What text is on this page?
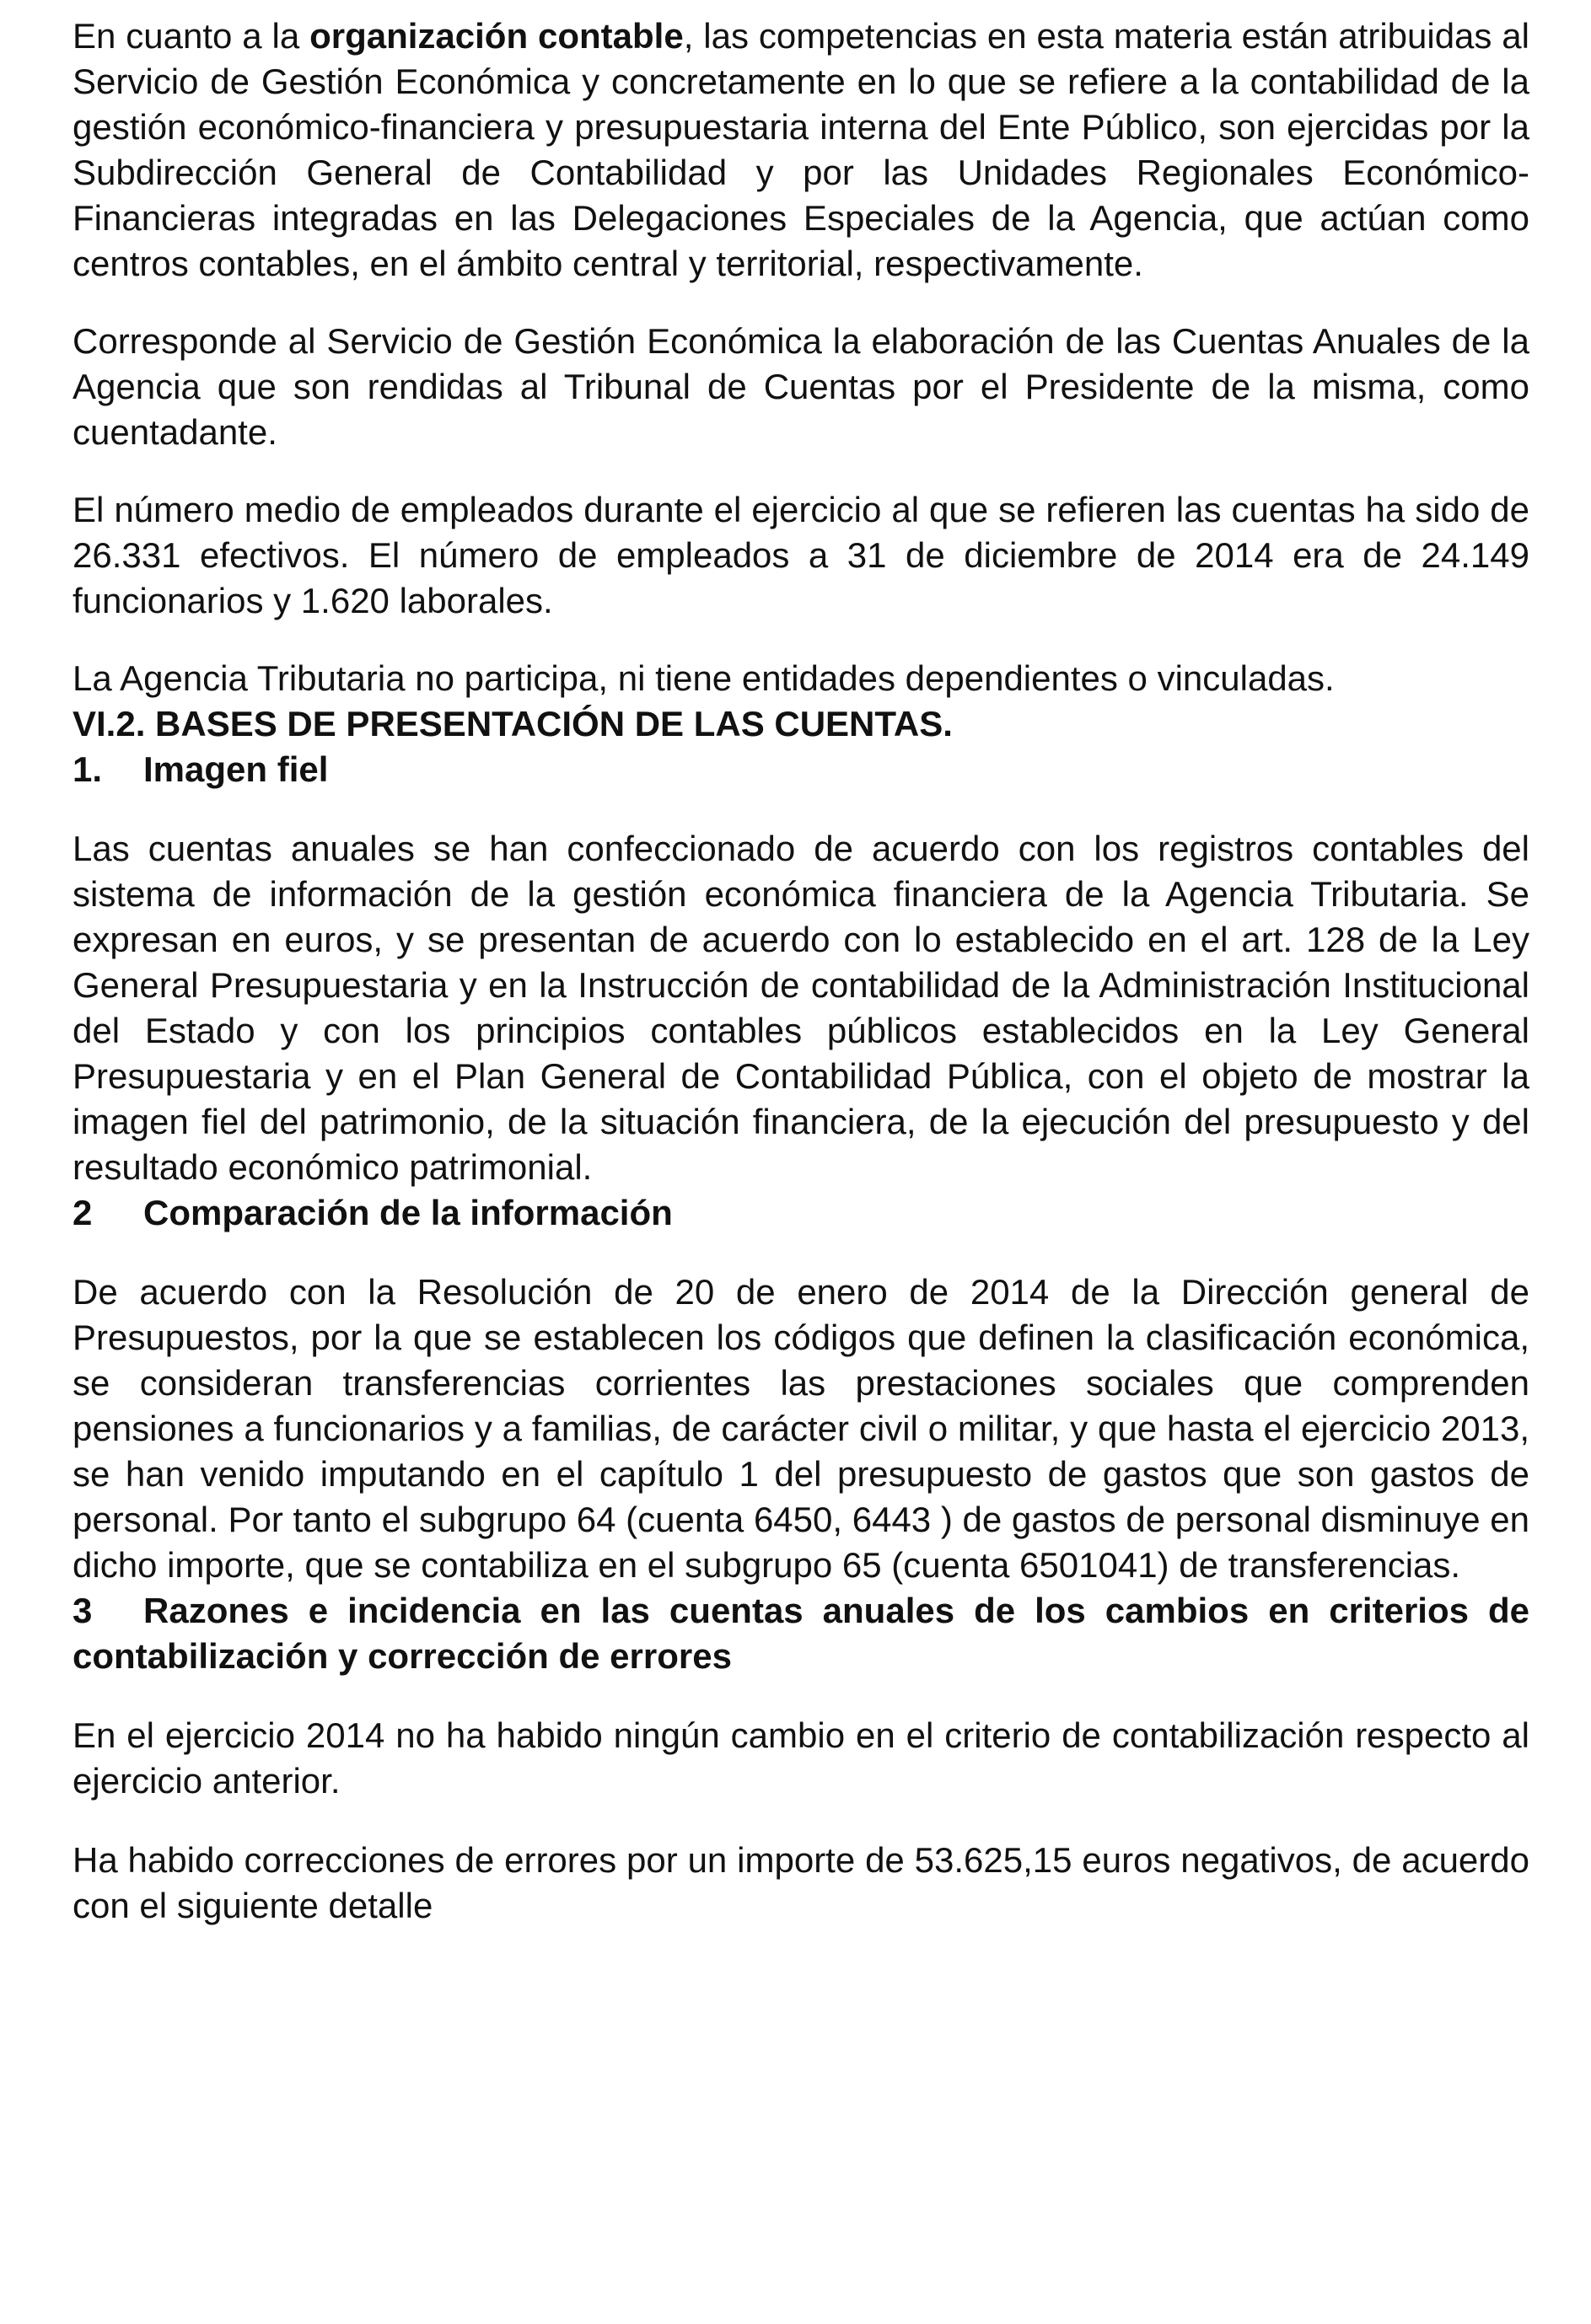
En cuanto a la organización contable, las competencias en esta materia están atribuidas al Servicio de Gestión Económica y concretamente en lo que se refiere a la contabilidad de la gestión económico-financiera y presupuestaria interna del Ente Público, son ejercidas por la Subdirección General de Contabilidad y por las Unidades Regionales Económico-Financieras integradas en las Delegaciones Especiales de la Agencia, que actúan como centros contables, en el ámbito central y territorial, respectivamente.

Corresponde al Servicio de Gestión Económica la elaboración de las Cuentas Anuales de la Agencia que son rendidas al Tribunal de Cuentas por el Presidente de la misma, como cuentadante.

El número medio de empleados durante el ejercicio al que se refieren las cuentas ha sido de 26.331 efectivos. El número de empleados a 31 de diciembre de 2014 era de 24.149 funcionarios y 1.620 laborales.

La Agencia Tributaria no participa, ni tiene entidades dependientes o vinculadas.

VI.2. BASES DE PRESENTACIÓN DE LAS CUENTAS.

1. Imagen fiel

Las cuentas anuales se han confeccionado de acuerdo con los registros contables del sistema de información de la gestión económica financiera de la Agencia Tributaria. Se expresan en euros, y se presentan de acuerdo con lo establecido en el art. 128 de la Ley General Presupuestaria y en la Instrucción de contabilidad de la Administración Institucional del Estado y con los principios contables públicos establecidos en la Ley General Presupuestaria y en el Plan General de Contabilidad Pública, con el objeto de mostrar la imagen fiel del patrimonio, de la situación financiera, de la ejecución del presupuesto y del resultado económico patrimonial.

2 Comparación de la información

De acuerdo con la Resolución de 20 de enero de 2014 de la Dirección general de Presupuestos, por la que se establecen los códigos que definen la clasificación económica, se consideran transferencias corrientes las prestaciones sociales que comprenden pensiones a funcionarios y a familias, de carácter civil o militar, y que hasta el ejercicio 2013, se han venido imputando en el capítulo 1 del presupuesto de gastos que son gastos de personal. Por tanto el subgrupo 64 (cuenta 6450, 6443 ) de gastos de personal disminuye en dicho importe, que se contabiliza en el subgrupo 65 (cuenta 6501041) de transferencias.

3 Razones e incidencia en las cuentas anuales de los cambios en criterios de contabilización y corrección de errores

En el ejercicio 2014 no ha habido ningún cambio en el criterio de contabilización respecto al ejercicio anterior.

Ha habido correcciones de errores por un importe de 53.625,15 euros negativos, de acuerdo con el siguiente detalle
